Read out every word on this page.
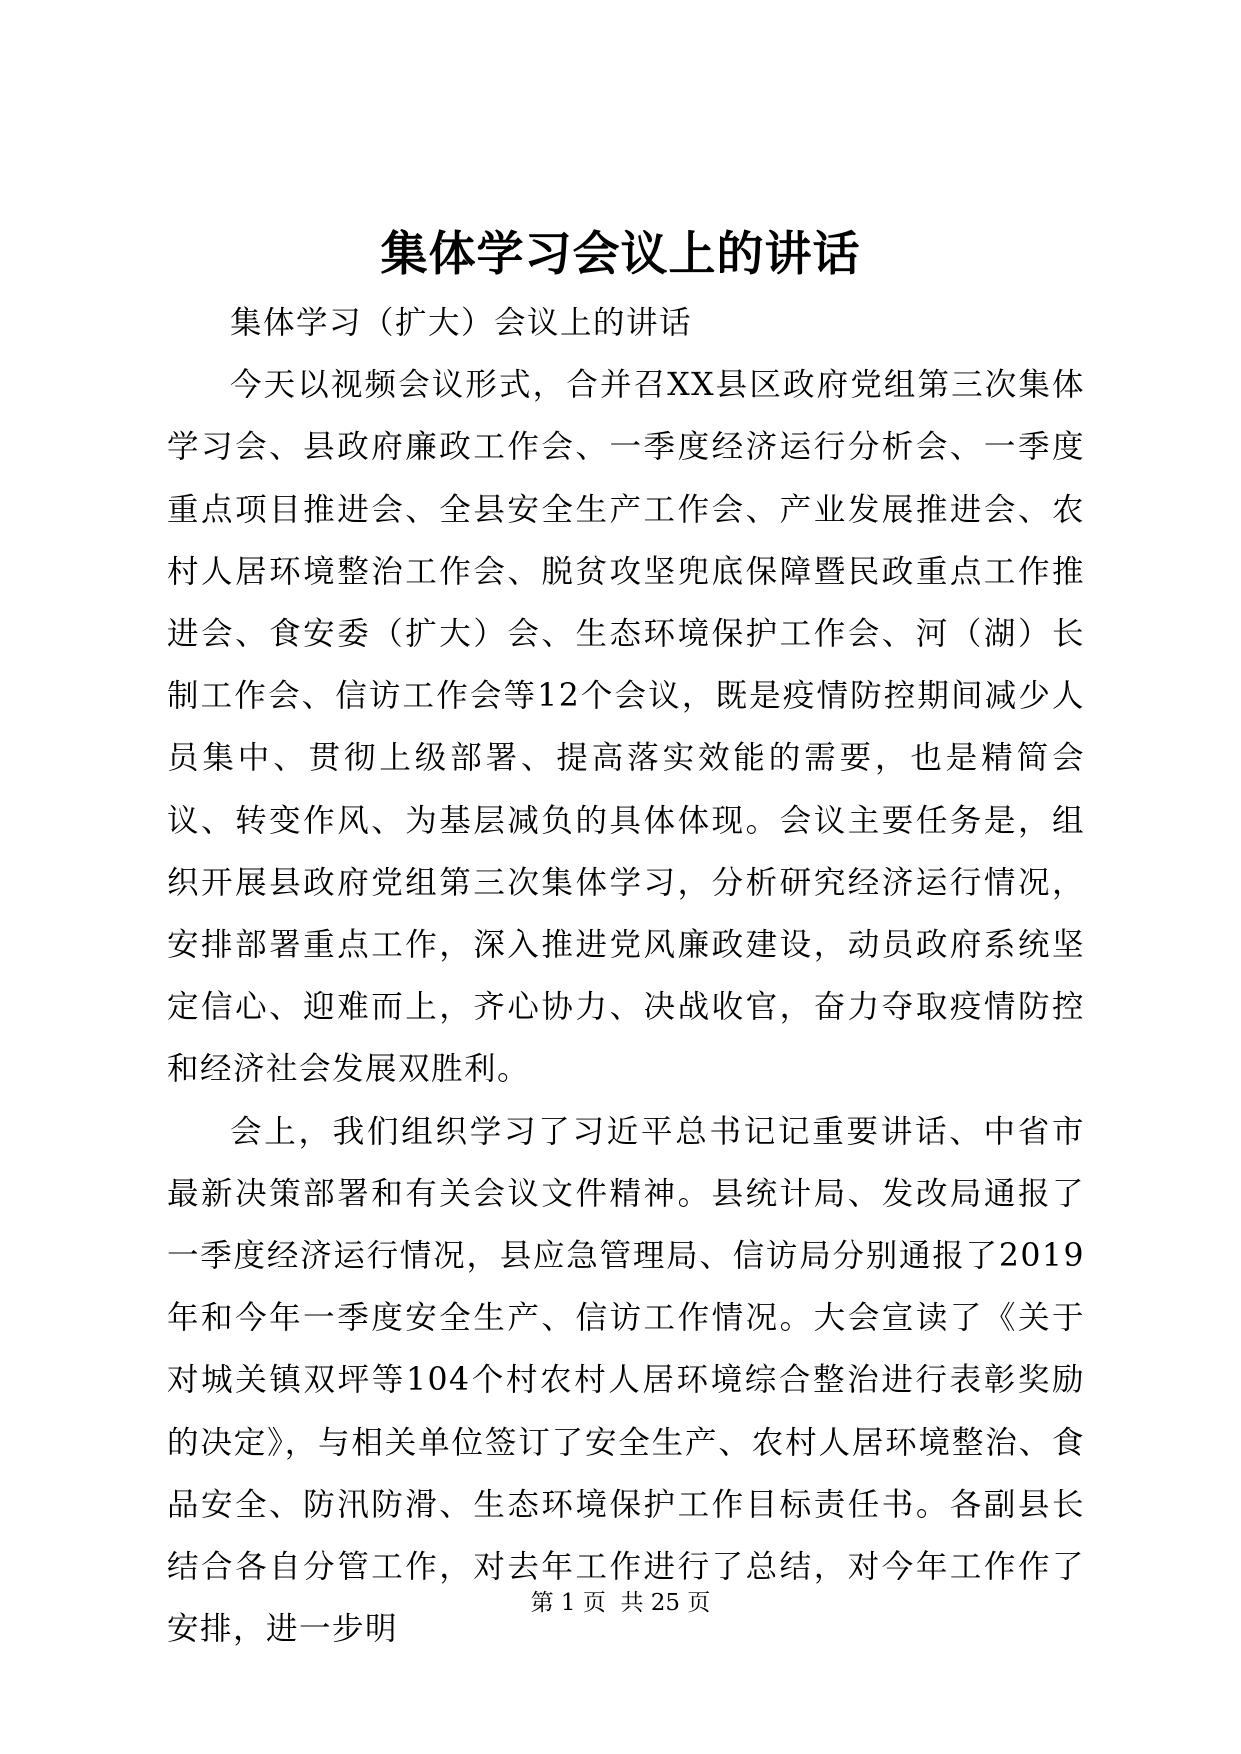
集体学习会议上的讲话

集体学习（扩大）会议上的讲话

今天以视频会议形式，合并召XX县区政府党组第三次集体学习会、县政府廉政工作会、一季度经济运行分析会、一季度重点项目推进会、全县安全生产工作会、产业发展推进会、农村人居环境整治工作会、脱贫攻坚兜底保障暨民政重点工作推进会、食安委（扩大）会、生态环境保护工作会、河（湖）长制工作会、信访工作会等12个会议，既是疫情防控期间减少人员集中、贯彻上级部署、提高落实效能的需要，也是精简会议、转变作风、为基层减负的具体体现。会议主要任务是，组织开展县政府党组第三次集体学习，分析研究经济运行情况，安排部署重点工作，深入推进党风廉政建设，动员政府系统坚定信心、迎难而上，齐心协力、决战收官，奋力夺取疫情防控和经济社会发展双胜利。

会上，我们组织学习了习近平总书记记重要讲话、中省市最新决策部署和有关会议文件精神。县统计局、发改局通报了一季度经济运行情况，县应急管理局、信访局分别通报了2019年和今年一季度安全生产、信访工作情况。大会宣读了《关于对城关镇双坪等104个村农村人居环境综合整治进行表彰奖励的决定》，与相关单位签订了安全生产、农村人居环境整治、食品安全、防汛防滑、生态环境保护工作目标责任书。各副县长结合各自分管工作，对去年工作进行了总结，对今年工作作了安排，进一步明

第 1 页  共 25 页
